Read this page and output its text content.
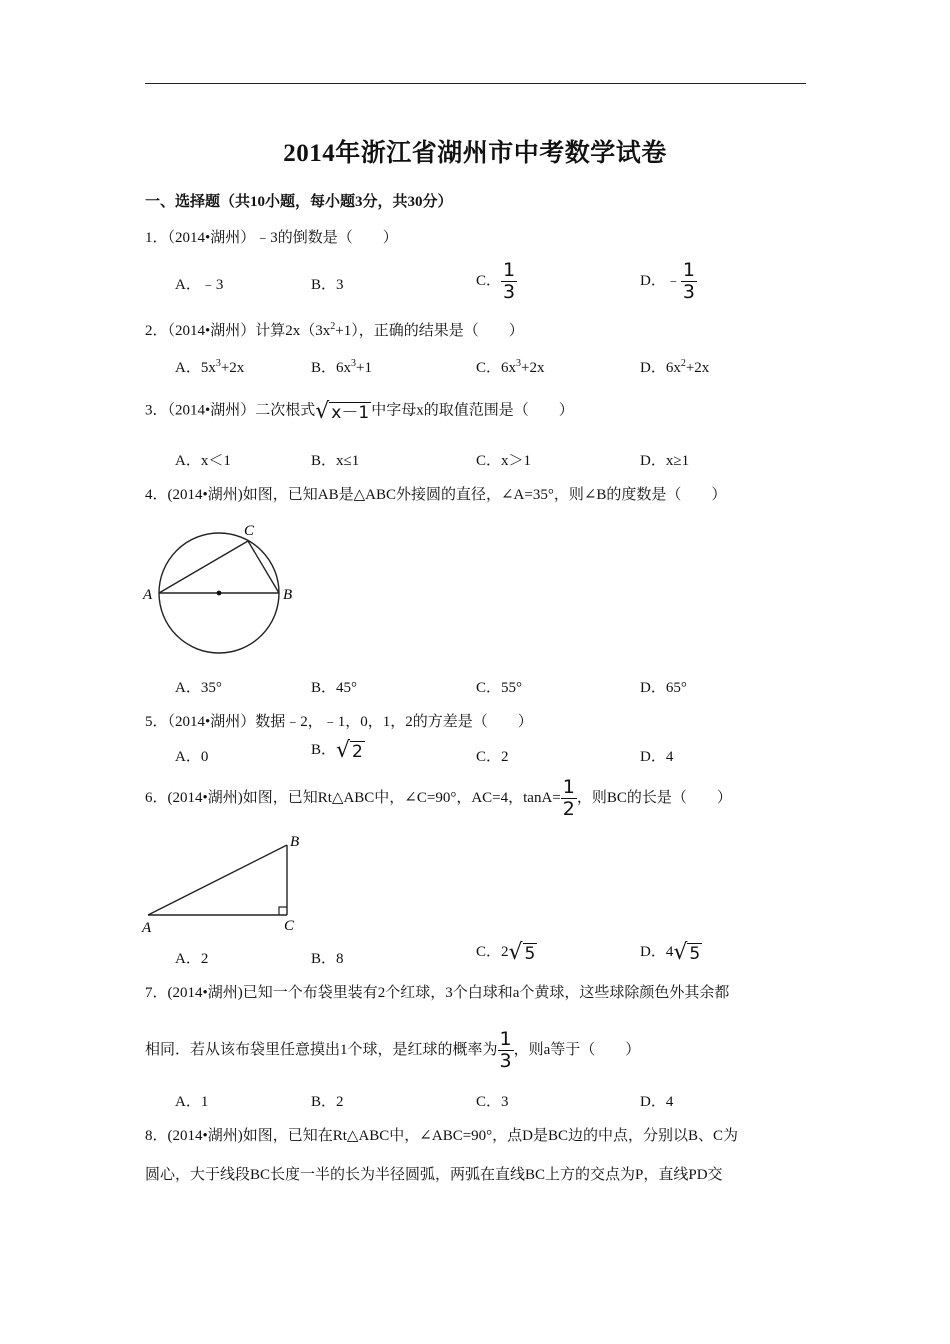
2014年浙江省湖州市中考数学试卷
一、选择题（共10小题，每小题3分，共30分）
1．（2014•湖州）﹣3的倒数是（　　）
A．﹣3	B．3	C． $\frac{1}{3}$	D．﹣ $\frac{1}{3}$
2．（2014•湖州）计算$2x(3x^2+1)$，正确的结果是（　　）
A．$5x^3+2x$	B．$6x^3+1$	C．$6x^3+2x$	D．$6x^2+2x$
3．（2014•湖州）二次根式√ x－1 中字母x的取值范围是（　　）
A．x＜1	B．x≤1	C．x＞1	D．x≥1
4．(2014•湖州)如图，已知AB是△ABC外接圆的直径，∠A=35°，则∠B的度数是（　　）
A	B
C
A．35°	B．45°	C．55°	D．65°
5．（2014•湖州）数据﹣2，﹣1，0，1，2的方差是（　　）
A．0	B．√ 2	C．2	D．4
6．(2014•湖州)如图，已知Rt△ABC中，∠C=90°，AC=4，$\tan A= \frac{1}{2}$ ，则BC的长是（　　）
A
B
C
A．2	B．8	C．2√ 5	D．4√ 5
7．(2014•湖州)已知一个布袋里装有2个红球，3个白球和a个黄球，这些球除颜色外其余都
相同．若从该布袋里任意摸出1个球，是红球的概率为 $\frac{1}{3}$ ，则a等于（　　）
A．1	B．2	C．3	D．4
8．(2014•湖州)如图，已知在Rt△ABC中，∠ABC=90°，点D是BC边的中点，分别以B、C为
圆心，大于线段BC长度一半的长为半径圆弧，两弧在直线BC上方的交点为P，直线PD交
